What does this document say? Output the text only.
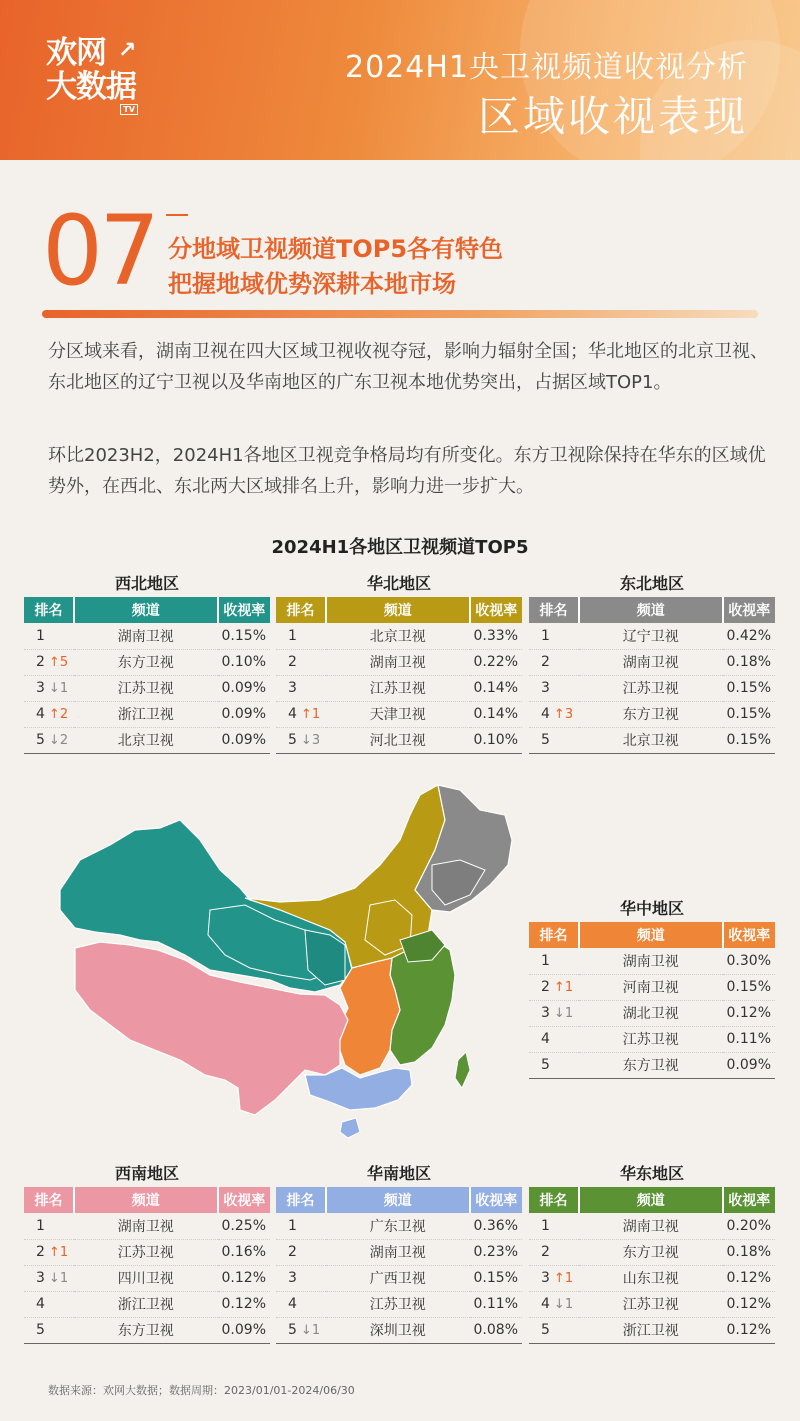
欢网
大数据
↗
TV
2024H1央卫视频道收视分析
区域收视表现
07 分地域卫视频道TOP5各有特色
把握地域优势深耕本地市场
分区域来看，湖南卫视在四大区域卫视收视夺冠，影响力辐射全国；华北地区的北京卫视、东北地区的辽宁卫视以及华南地区的广东卫视本地优势突出，占据区域TOP1。
环比2023H2，2024H1各地区卫视竞争格局均有所变化。东方卫视除保持在华东的区域优势外，在西北、东北两大区域排名上升，影响力进一步扩大。
2024H1各地区卫视频道TOP5
西北地区
排名	频道	收视率
1	湖南卫视	0.15%
2 ↑5	东方卫视	0.10%
3 ↓1	江苏卫视	0.09%
4 ↑2	浙江卫视	0.09%
5 ↓2	北京卫视	0.09%
华北地区
排名	频道	收视率
1	北京卫视	0.33%
2	湖南卫视	0.22%
3	江苏卫视	0.14%
4 ↑1	天津卫视	0.14%
5 ↓3	河北卫视	0.10%
东北地区
排名	频道	收视率
1	辽宁卫视	0.42%
2	湖南卫视	0.18%
3	江苏卫视	0.15%
4 ↑3	东方卫视	0.15%
5	北京卫视	0.15%
华中地区
排名	频道	收视率
1	湖南卫视	0.30%
2 ↑1	河南卫视	0.15%
3 ↓1	湖北卫视	0.12%
4	江苏卫视	0.11%
5	东方卫视	0.09%
西南地区
排名	频道	收视率
1	湖南卫视	0.25%
2 ↑1	江苏卫视	0.16%
3 ↓1	四川卫视	0.12%
4	浙江卫视	0.12%
5	东方卫视	0.09%
华南地区
排名	频道	收视率
1	广东卫视	0.36%
2	湖南卫视	0.23%
3	广西卫视	0.15%
4	江苏卫视	0.11%
5 ↓1	深圳卫视	0.08%
华东地区
排名	频道	收视率
1	湖南卫视	0.20%
2	东方卫视	0.18%
3 ↑1	山东卫视	0.12%
4 ↓1	江苏卫视	0.12%
5	浙江卫视	0.12%
数据来源：欢网大数据；数据周期：2023/01/01-2024/06/30
